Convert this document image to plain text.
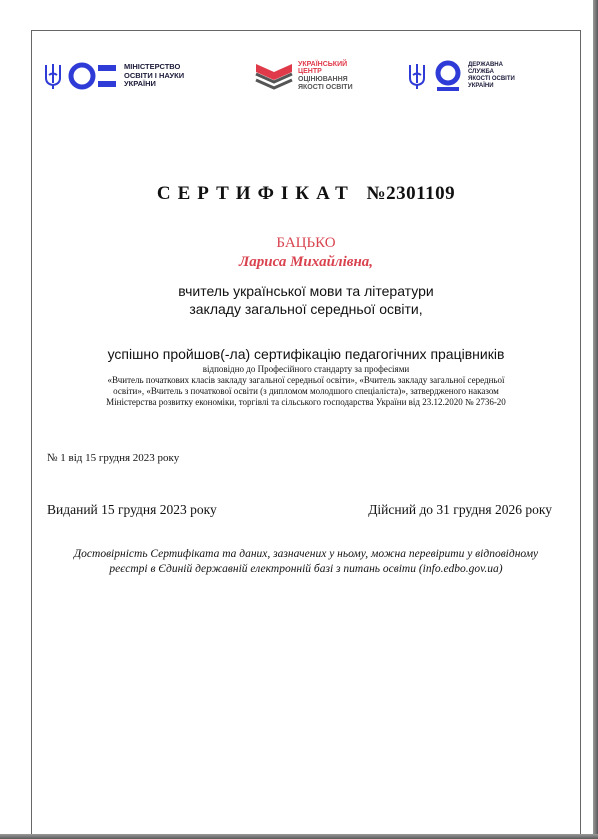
МІНІСТЕРСТВО
ОСВІТИ І НАУКИ
УКРАЇНИ
УКРАЇНСЬКИЙ
ЦЕНТР
ОЦІНЮВАННЯ
ЯКОСТІ ОСВІТИ
ДЕРЖАВНА
СЛУЖБА
ЯКОСТІ ОСВІТИ
УКРАЇНИ
СЕРТИФІКАТ №2301109
БАЦЬКО
Лариса Михайлівна,
вчитель української мови та літератури
закладу загальної середньої освіти,
успішно пройшов(-ла) сертифікацію педагогічних працівників
відповідно до Професійного стандарту за професіями
«Вчитель початкових класів закладу загальної середньої освіти», «Вчитель закладу загальної середньої
освіти», «Вчитель з початкової освіти (з дипломом молодшого спеціаліста)», затвердженого наказом
Міністерства розвитку економіки, торгівлі та сільського господарства України від 23.12.2020 № 2736-20
№ 1 від 15 грудня 2023 року
Виданий 15 грудня 2023 року	Дійсний до 31 грудня 2026 року
Достовірність Сертифіката та даних, зазначених у ньому, можна перевірити у відповідному
реєстрі в Єдиній державній електронній базі з питань освіти (info.edbo.gov.ua)
